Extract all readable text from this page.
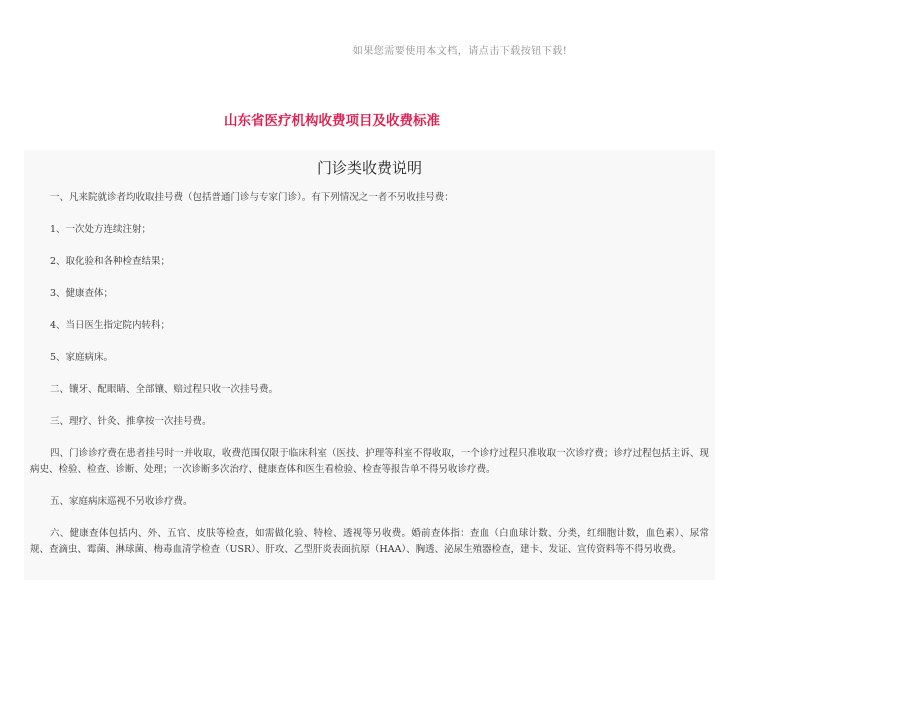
如果您需要使用本文档，请点击下载按钮下载!
山东省医疗机构收费项目及收费标准
门诊类收费说明

一、凡来院就诊者均收取挂号费（包括普通门诊与专家门诊）。有下列情况之一者不另收挂号费：

1、一次处方连续注射；

2、取化验和各种检查结果；

3、健康查体；

4、当日医生指定院内转科；

5、家庭病床。

二、镶牙、配眼睛、全部镶、赔过程只收一次挂号费。

三、理疗、针灸、推拿按一次挂号费。

四、门诊诊疗费在患者挂号时一并收取，收费范围仅限于临床科室（医技、护理等科室不得收取，一个诊疗过程只准收取一次诊疗费；诊疗过程包括主诉、现病史、检验、检查、诊断、处理；一次诊断多次治疗、健康查体和医生看检验、检查等报告单不得另收诊疗费。

五、家庭病床巡视不另收诊疗费。

六、健康查体包括内、外、五官、皮肤等检查，如需做化验、特检、透视等另收费。婚前查体指：查血（白血球计数、分类，红细胞计数，血色素）、尿常规、查滴虫、霉菌、淋球菌、梅毒血清学检查（USR）、肝攻、乙型肝炎表面抗原（HAA）、胸透、泌尿生殖器检查，建卡、发证、宣传资料等不得另收费。
